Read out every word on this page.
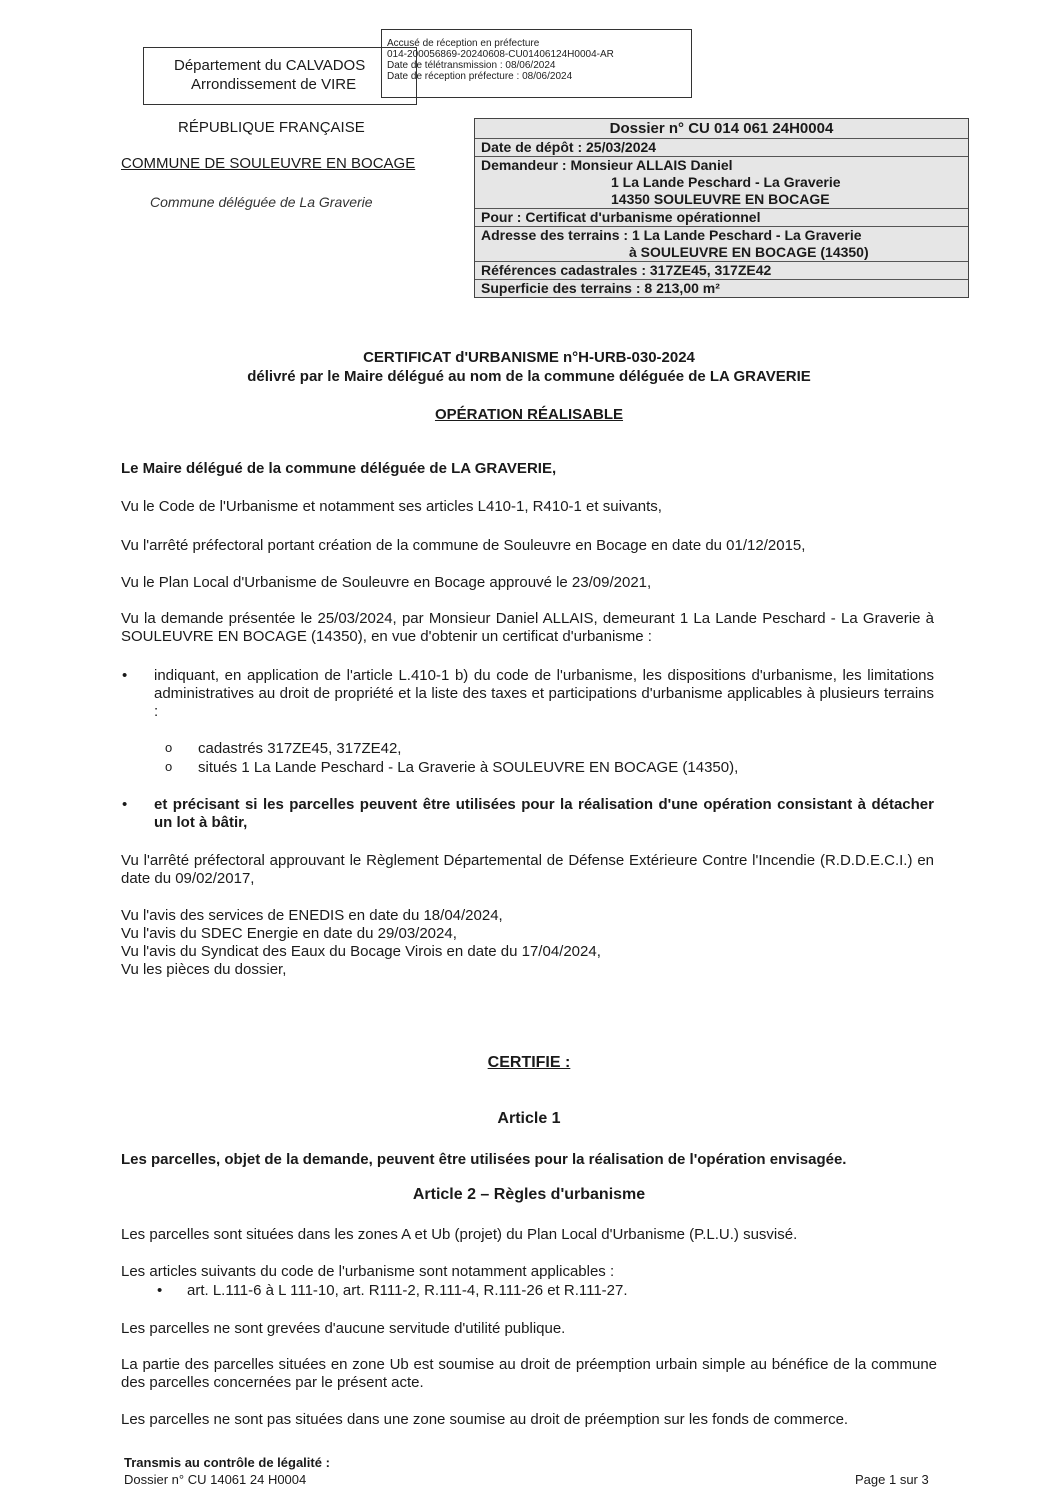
Département du CALVADOS
Arrondissement de VIRE
Accusé de réception en préfecture
014-200056869-20240608-CU01406124H0004-AR
Date de télétransmission : 08/06/2024
Date de réception préfecture : 08/06/2024
RÉPUBLIQUE FRANÇAISE
COMMUNE DE SOULEUVRE EN BOCAGE
Commune déléguée de La Graverie
Dossier n° CU 014 061 24H0004
Date de dépôt : 25/03/2024
Demandeur : Monsieur ALLAIS Daniel
1 La Lande Peschard - La Graverie
14350 SOULEUVRE EN BOCAGE
Pour : Certificat d'urbanisme opérationnel
Adresse des terrains : 1 La Lande Peschard - La Graverie
à SOULEUVRE EN BOCAGE (14350)
Références cadastrales : 317ZE45, 317ZE42
Superficie des terrains : 8 213,00 m²
CERTIFICAT d'URBANISME n°H-URB-030-2024
délivré par le Maire délégué au nom de la commune déléguée de LA GRAVERIE
OPÉRATION RÉALISABLE
Le Maire délégué de la commune déléguée de LA GRAVERIE,
Vu le Code de l'Urbanisme et notamment ses articles L410-1, R410-1 et suivants,
Vu l'arrêté préfectoral portant création de la commune de Souleuvre en Bocage en date du 01/12/2015,
Vu le Plan Local d'Urbanisme de Souleuvre en Bocage approuvé le 23/09/2021,
Vu la demande présentée le 25/03/2024, par Monsieur Daniel ALLAIS, demeurant 1 La Lande Peschard - La Graverie à SOULEUVRE EN BOCAGE (14350), en vue d'obtenir un certificat d'urbanisme :
• indiquant, en application de l'article L.410-1 b) du code de l'urbanisme, les dispositions d'urbanisme, les limitations administratives au droit de propriété et la liste des taxes et participations d'urbanisme applicables à plusieurs terrains :
o cadastrés 317ZE45, 317ZE42,
o situés 1 La Lande Peschard - La Graverie à SOULEUVRE EN BOCAGE (14350),
• et précisant si les parcelles peuvent être utilisées pour la réalisation d'une opération consistant à détacher un lot à bâtir,
Vu l'arrêté préfectoral approuvant le Règlement Départemental de Défense Extérieure Contre l'Incendie (R.D.D.E.C.I.) en date du 09/02/2017,
Vu l'avis des services de ENEDIS en date du 18/04/2024,
Vu l'avis du SDEC Energie en date du 29/03/2024,
Vu l'avis du Syndicat des Eaux du Bocage Virois en date du 17/04/2024,
Vu les pièces du dossier,
CERTIFIE :
Article 1
Les parcelles, objet de la demande, peuvent être utilisées pour la réalisation de l'opération envisagée.
Article 2 – Règles d'urbanisme
Les parcelles sont situées dans les zones A et Ub (projet) du Plan Local d'Urbanisme (P.L.U.) susvisé.
Les articles suivants du code de l'urbanisme sont notamment applicables :
• art. L.111-6 à L 111-10, art. R111-2, R.111-4, R.111-26 et R.111-27.
Les parcelles ne sont grevées d'aucune servitude d'utilité publique.
La partie des parcelles situées en zone Ub est soumise au droit de préemption urbain simple au bénéfice de la commune des parcelles concernées par le présent acte.
Les parcelles ne sont pas situées dans une zone soumise au droit de préemption sur les fonds de commerce.
Transmis au contrôle de légalité :
Dossier n° CU 14061 24 H0004	Page 1 sur 3
